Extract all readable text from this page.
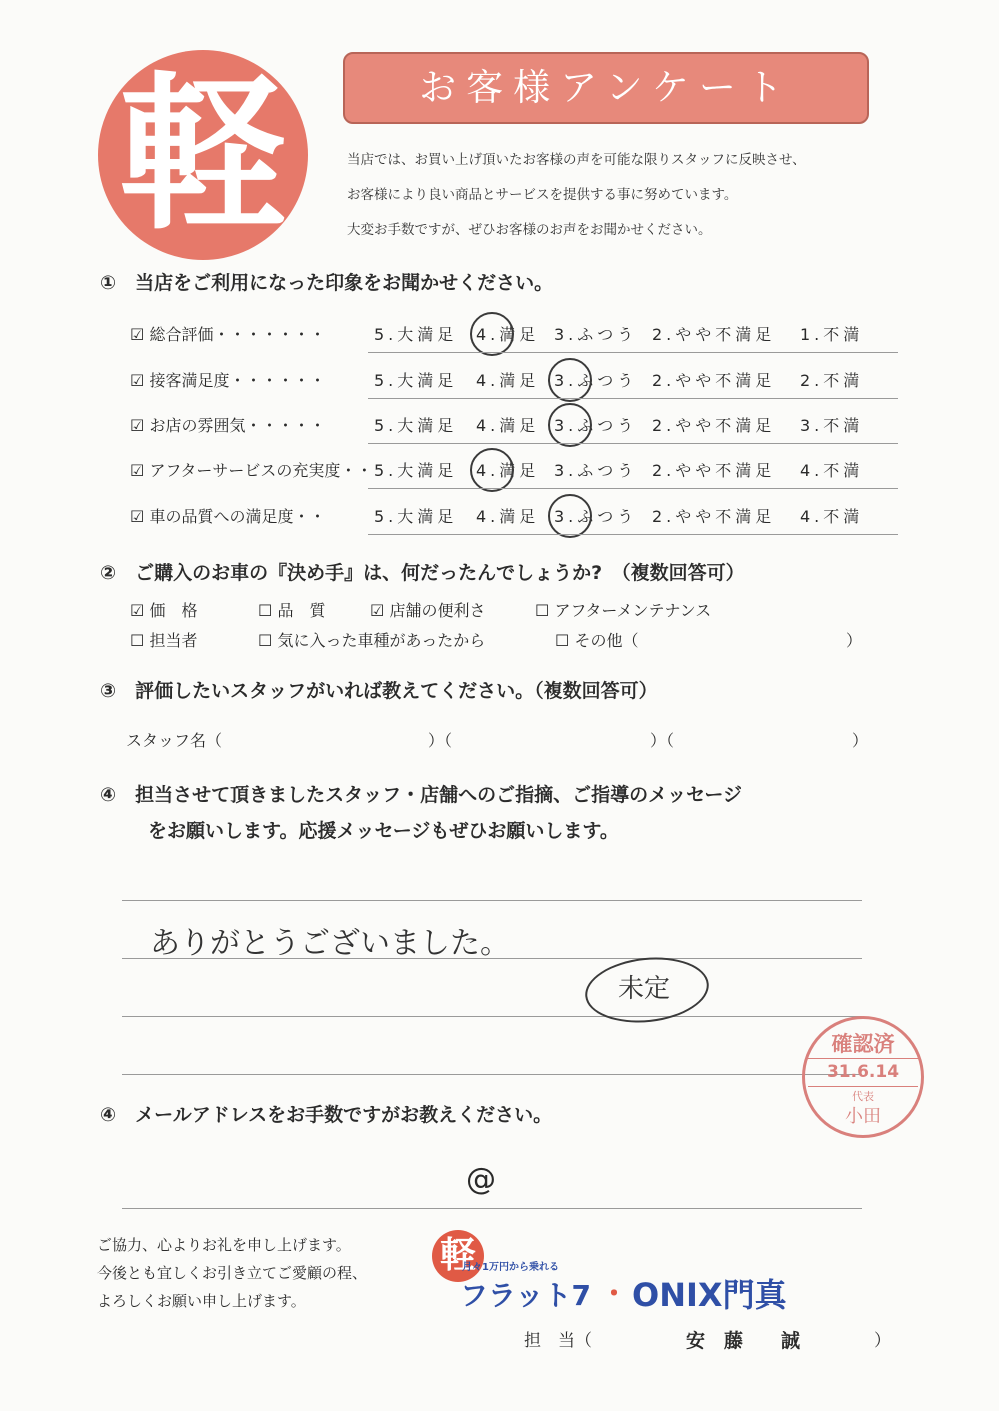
軽	お客様アンケート
当店では、お買い上げ頂いたお客様の声を可能な限りスタッフに反映させ、
お客様により良い商品とサービスを提供する事に努めています。
大変お手数ですが、ぜひお客様のお声をお聞かせください。
①　当店をご利用になった印象をお聞かせください。
☑ 総合評価・・・・・・・	5.大満足 4.満足 3.ふつう 2.やや不満足 1.不満
☑ 接客満足度・・・・・・	5.大満足 4.満足 3.ふつう 2.やや不満足 2.不満
☑ お店の雰囲気・・・・・	5.大満足 4.満足 3.ふつう 2.やや不満足 3.不満
☑ アフターサービスの充実度・・ 5.大満足 4.満足 3.ふつう 2.やや不満足 4.不満
☑ 車の品質への満足度・・	5.大満足 4.満足 3.ふつう 2.やや不満足 4.不満
②　ご購入のお車の『決め手』は、何だったんでしょうか?　（複数回答可）
☑ 価　格	☐ 品　質	☑ 店舗の便利さ	☐ アフターメンテナンス
☐ 担当者	☐ 気に入った車種があったから	☐ その他（	）
③　評価したいスタッフがいれば教えてください。（複数回答可）
スタッフ名（	）（	）（	）
④　担当させて頂きましたスタッフ・店舗へのご指摘、ご指導のメッセージ
をお願いします。応援メッセージもぜひお願いします。
ありがとうございました。
未定
確認済
31.6.14
代表
小田
④　メールアドレスをお手数ですがお教えください。
@
ご協力、心よりお礼を申し上げます。
今後とも宜しくお引き立てご愛顧の程、
よろしくお願い申し上げます。
軽
月々1万円から乗れる
フラット7 ・ ONIX門真
担　当（	安　藤　　誠	）
